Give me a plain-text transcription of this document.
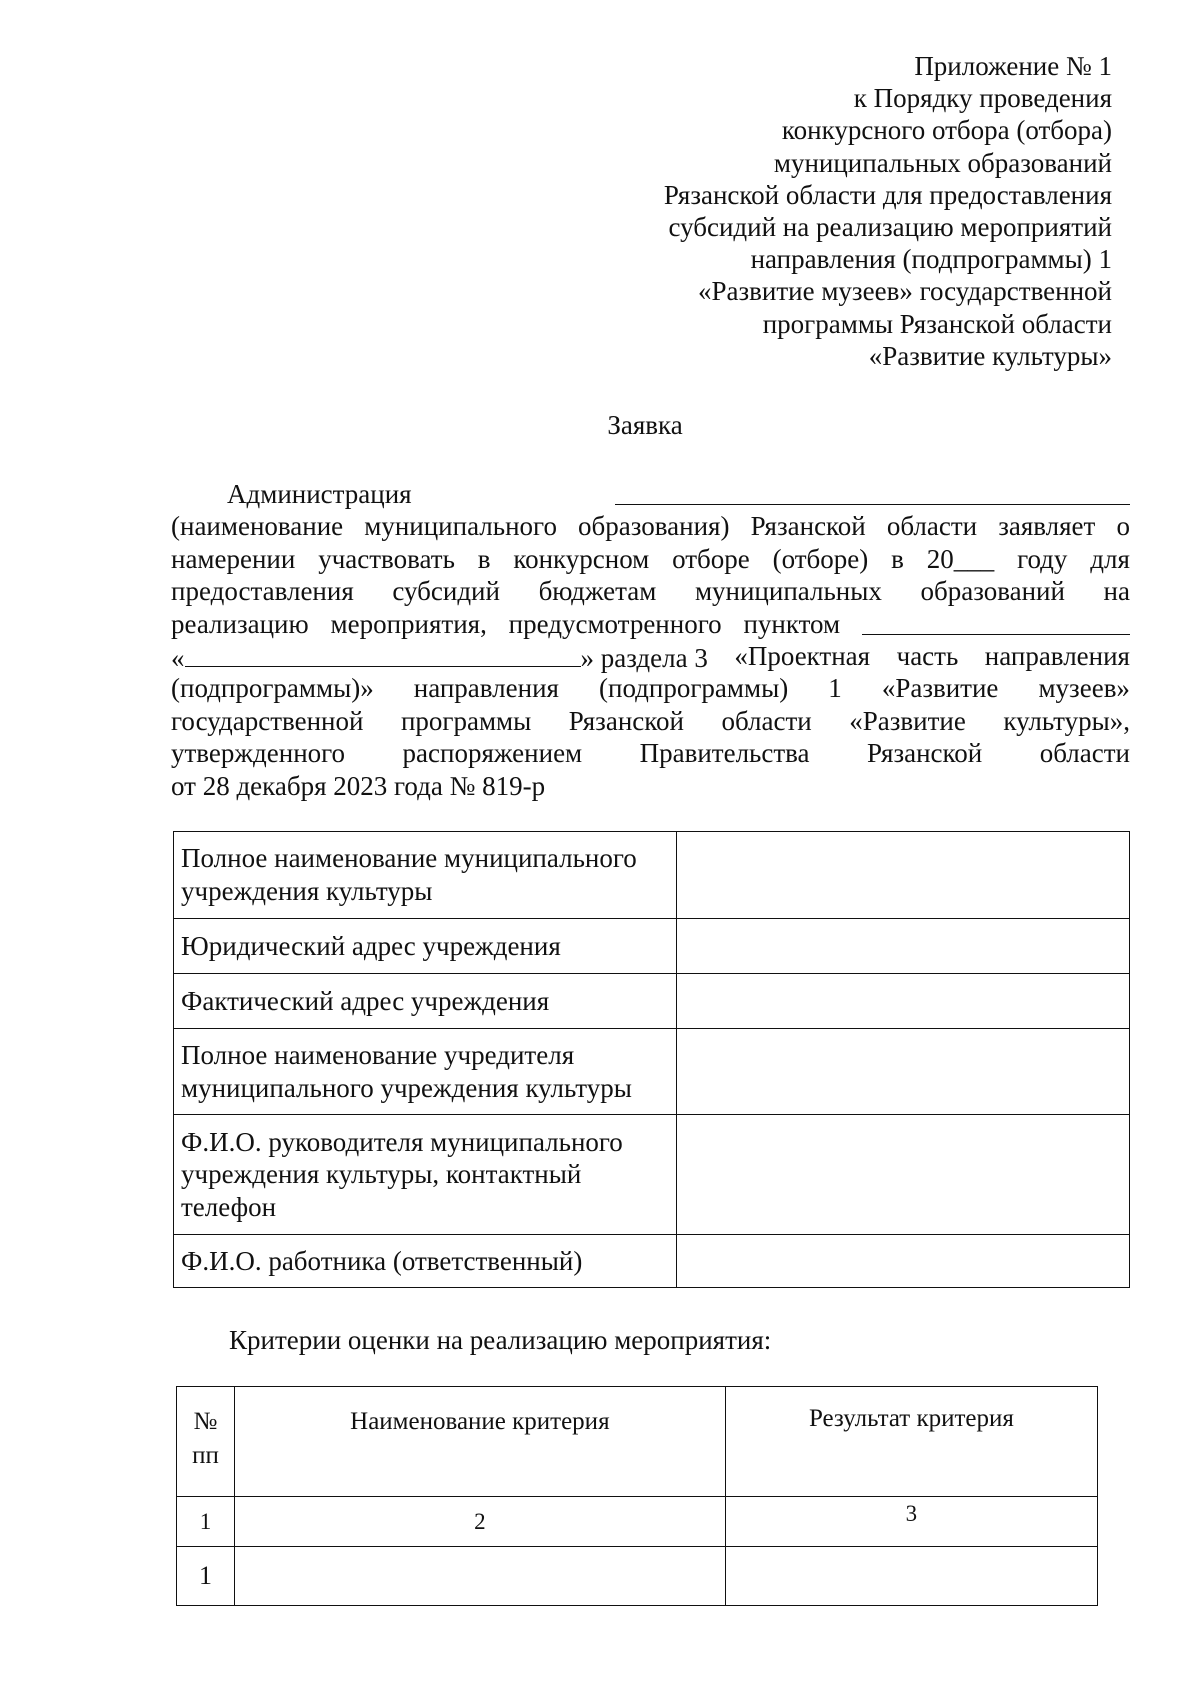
Приложение № 1
к Порядку проведения
конкурсного отбора (отбора)
муниципальных образований
Рязанской области для предоставления
субсидий на реализацию мероприятий
направления (подпрограммы) 1
«Развитие музеев» государственной
программы Рязанской области
«Развитие культуры»
Заявка
Администрация
(наименование муниципального образования) Рязанской области заявляет о
намерении участвовать в конкурсном отборе (отборе) в 20___ году для
предоставления субсидий бюджетам муниципальных образований на
реализацию мероприятия, предусмотренного пунктом
«	» раздела 3 «Проектная часть направления
(подпрограммы)» направления (подпрограммы) 1 «Развитие музеев»
государственной программы Рязанской области «Развитие культуры»,
утвержденного распоряжением Правительства Рязанской области
от 28 декабря 2023 года № 819-р
Полное наименование муниципального
учреждения культуры	

Юридический адрес учреждения	

Фактический адрес учреждения	

Полное наименование учредителя
муниципального учреждения культуры	

Ф.И.О. руководителя муниципального
учреждения культуры, контактный
телефон	

Ф.И.О. работника (ответственный)	

Критерии оценки на реализацию мероприятия:
№
пп	Наименование критерия	Результат критерия
1	2	3
1		
